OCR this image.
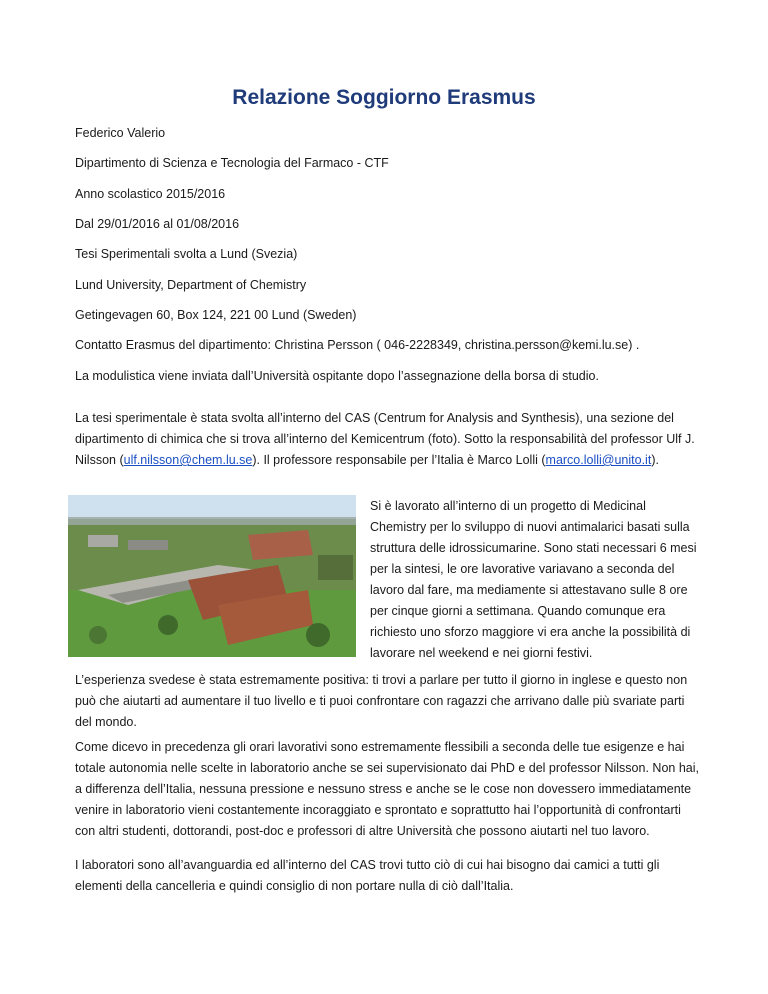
Relazione Soggiorno Erasmus
Federico Valerio
Dipartimento di Scienza e Tecnologia del Farmaco - CTF
Anno scolastico 2015/2016
Dal 29/01/2016 al 01/08/2016
Tesi Sperimentali svolta a Lund (Svezia)
Lund University, Department of Chemistry
Getingevagen 60, Box 124, 221 00 Lund (Sweden)
Contatto Erasmus del dipartimento: Christina Persson ( 046-2228349, christina.persson@kemi.lu.se) .
La modulistica viene inviata dall’Università ospitante dopo l’assegnazione della borsa di studio.
La tesi sperimentale è stata svolta all’interno del CAS (Centrum for Analysis and Synthesis), una sezione del dipartimento di chimica che si trova all’interno del Kemicentrum (foto). Sotto la responsabilità del professor Ulf J. Nilsson (ulf.nilsson@chem.lu.se). Il professore responsabile per l’Italia è Marco Lolli (marco.lolli@unito.it).
Si è lavorato all’interno di un progetto di Medicinal Chemistry per lo sviluppo di nuovi antimalarici basati sulla struttura delle idrossicumarine. Sono stati necessari 6 mesi per la sintesi, le ore lavorative variavano a seconda del lavoro dal fare, ma mediamente si attestavano sulle 8 ore per cinque giorni a settimana. Quando comunque era richiesto uno sforzo maggiore vi era anche la possibilità di lavorare nel weekend e nei giorni festivi.
L’esperienza svedese è stata estremamente positiva: ti trovi a parlare per tutto il giorno in inglese e questo non può che aiutarti ad aumentare il tuo livello e ti puoi confrontare con ragazzi che arrivano dalle più svariate parti del mondo.
Come dicevo in precedenza gli orari lavorativi sono estremamente flessibili a seconda delle tue esigenze e hai totale autonomia nelle scelte in laboratorio anche se sei supervisionato dai PhD e del professor Nilsson. Non hai, a differenza dell’Italia, nessuna pressione e nessuno stress e anche se le cose non dovessero immediatamente venire in laboratorio vieni costantemente incoraggiato e sprontato e soprattutto hai l’opportunità di confrontarti con altri studenti, dottorandi, post-doc e professori di altre Università che possono aiutarti nel tuo lavoro.
I laboratori sono all’avanguardia ed all’interno del CAS trovi tutto ciò di cui hai bisogno dai camici a tutti gli elementi della cancelleria e quindi consiglio di non portare nulla di ciò dall’Italia.
